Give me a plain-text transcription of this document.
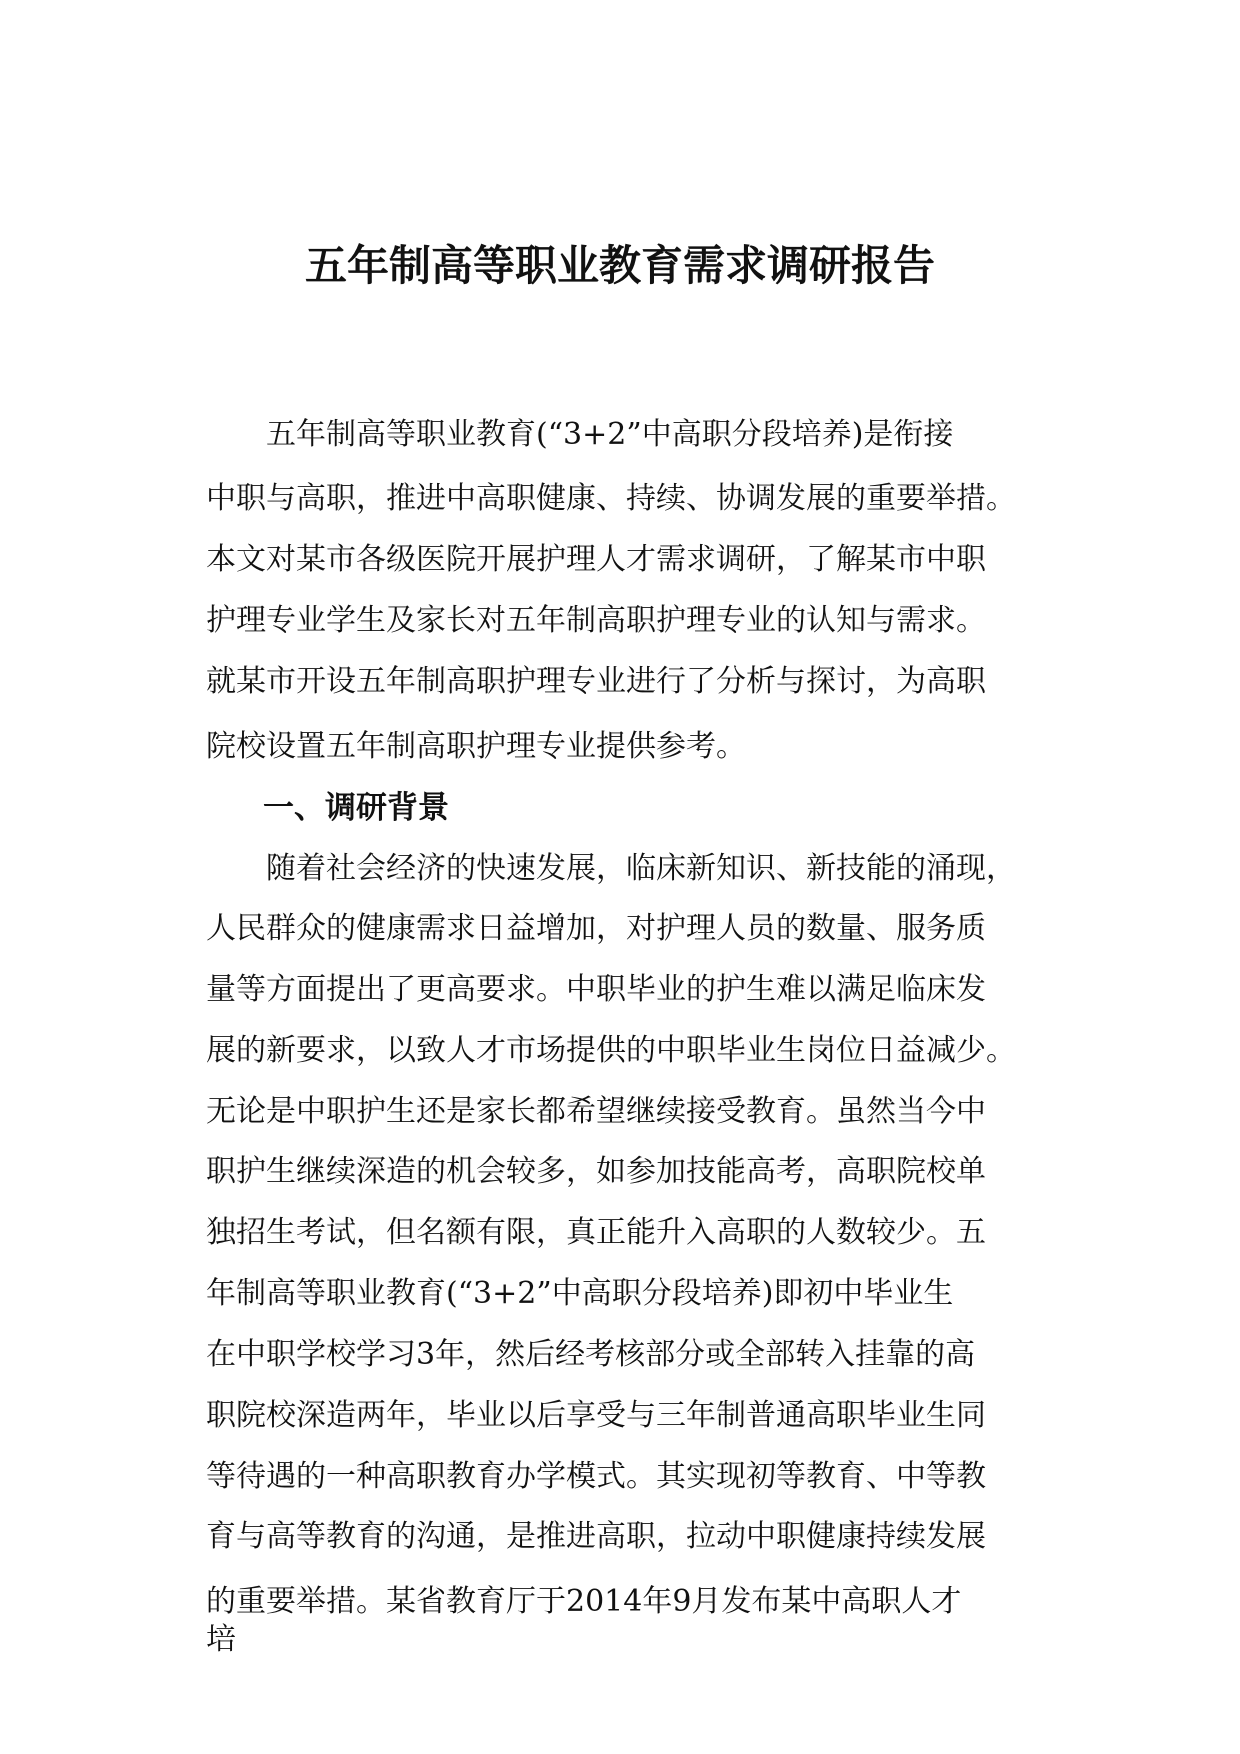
五年制高等职业教育需求调研报告

五年制高等职业教育(“3+2”中高职分段培养)是衔接

中职与高职，推进中高职健康、持续、协调发展的重要举措。

本文对某市各级医院开展护理人才需求调研，了解某市中职

护理专业学生及家长对五年制高职护理专业的认知与需求。

就某市开设五年制高职护理专业进行了分析与探讨，为高职

院校设置五年制高职护理专业提供参考。

一、调研背景

随着社会经济的快速发展，临床新知识、新技能的涌现，

人民群众的健康需求日益增加，对护理人员的数量、服务质

量等方面提出了更高要求。中职毕业的护生难以满足临床发

展的新要求，以致人才市场提供的中职毕业生岗位日益减少。

无论是中职护生还是家长都希望继续接受教育。虽然当今中

职护生继续深造的机会较多，如参加技能高考，高职院校单

独招生考试，但名额有限，真正能升入高职的人数较少。五

年制高等职业教育(“3+2”中高职分段培养)即初中毕业生

在中职学校学习3年，然后经考核部分或全部转入挂靠的高

职院校深造两年，毕业以后享受与三年制普通高职毕业生同

等待遇的一种高职教育办学模式。其实现初等教育、中等教

育与高等教育的沟通，是推进高职，拉动中职健康持续发展

的重要举措。某省教育厅于2014年9月发布某中高职人才

培
